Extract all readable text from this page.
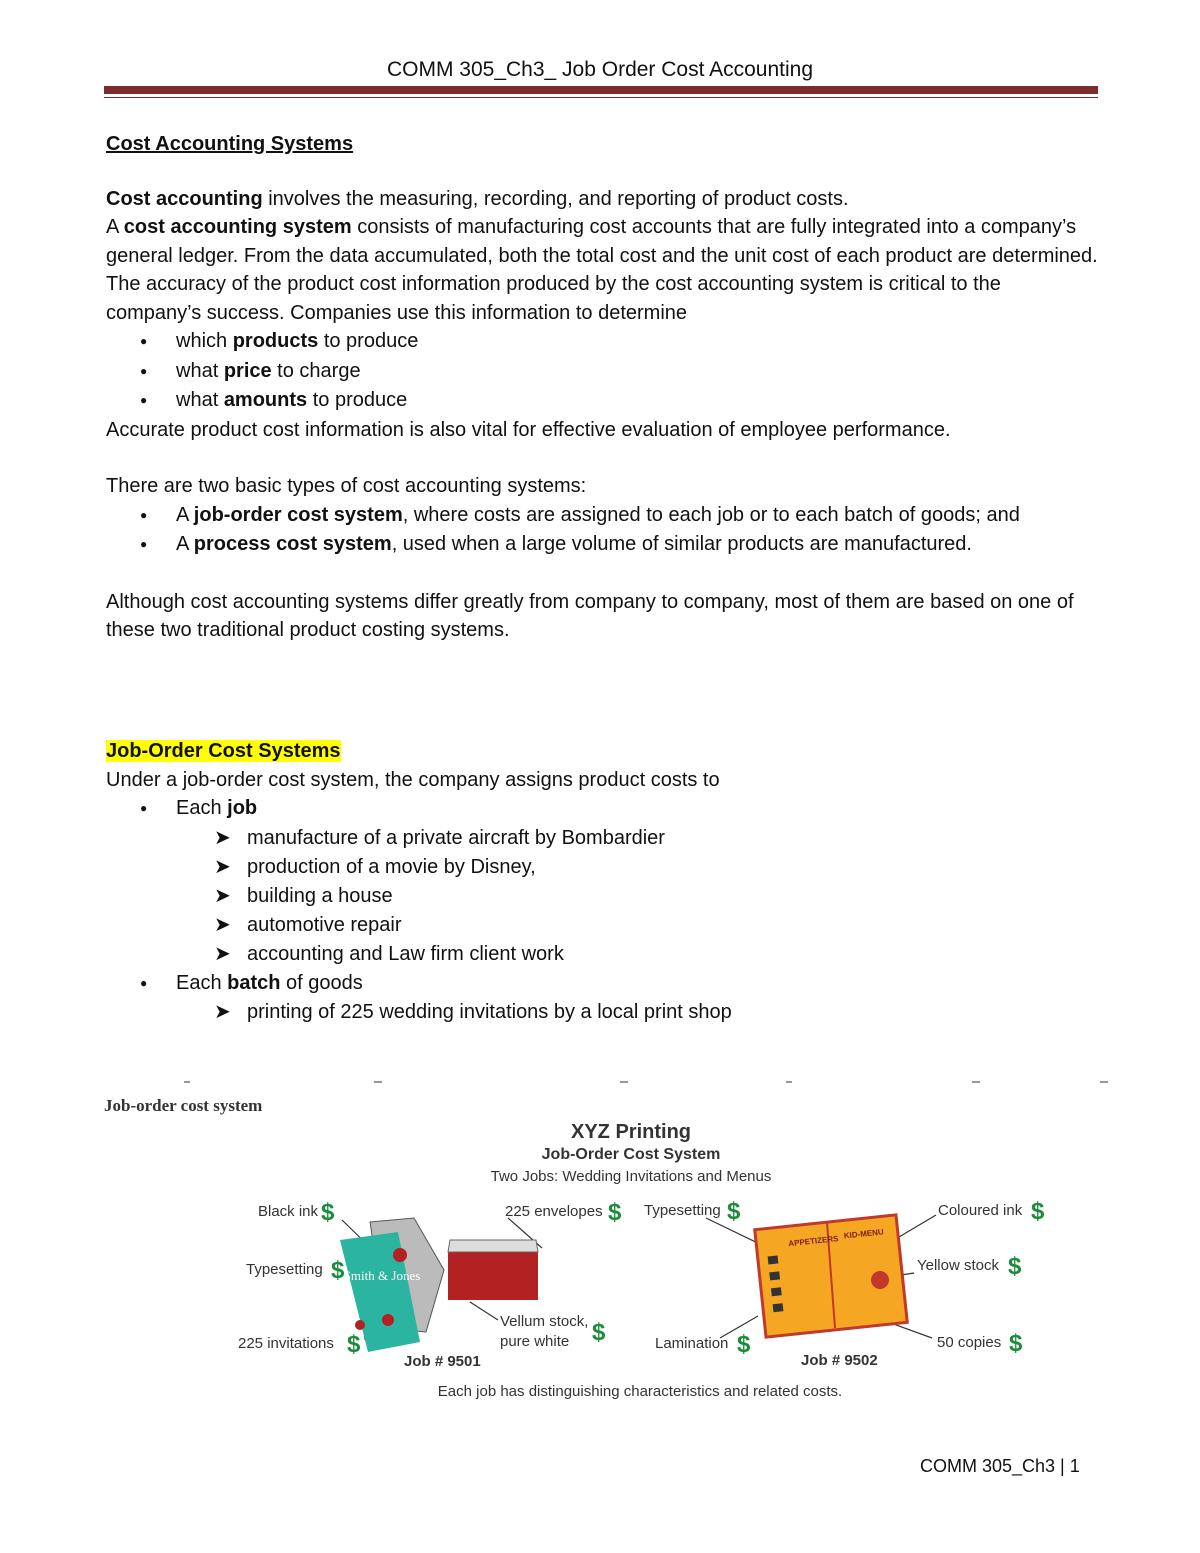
COMM 305_Ch3_ Job Order Cost Accounting

Cost Accounting Systems

Cost accounting involves the measuring, recording, and reporting of product costs.

A cost accounting system consists of manufacturing cost accounts that are fully integrated into a company’s general ledger. From the data accumulated, both the total cost and the unit cost of each product are determined.

The accuracy of the product cost information produced by the cost accounting system is critical to the company’s success. Companies use this information to determine

● which products to produce
● what price to charge
● what amounts to produce

Accurate product cost information is also vital for effective evaluation of employee performance.

There are two basic types of cost accounting systems:

● A job-order cost system, where costs are assigned to each job or to each batch of goods; and
● A process cost system, used when a large volume of similar products are manufactured.

Although cost accounting systems differ greatly from company to company, most of them are based on one of these two traditional product costing systems.

Job-Order Cost Systems

Under a job-order cost system, the company assigns product costs to

● Each job
➤ manufacture of a private aircraft by Bombardier
➤ production of a movie by Disney,
➤ building a house
➤ automotive repair
➤ accounting and Law firm client work
● Each batch of goods
➤ printing of 225 wedding invitations by a local print shop
Job-order cost system
XYZ Printing
Job-Order Cost System
Two Jobs: Wedding Invitations and Menus
Smith & Jones
Black ink $
Typesetting $
225 invitations $
225 envelopes $
Vellum stock,
pure white $
Job # 9501
APPETIZERS
KID-MENU
Typesetting $
Lamination $
Coloured ink $
Yellow stock $
50 copies $
Job # 9502
Each job has distinguishing characteristics and related costs.
COMM 305_Ch3 | 1
